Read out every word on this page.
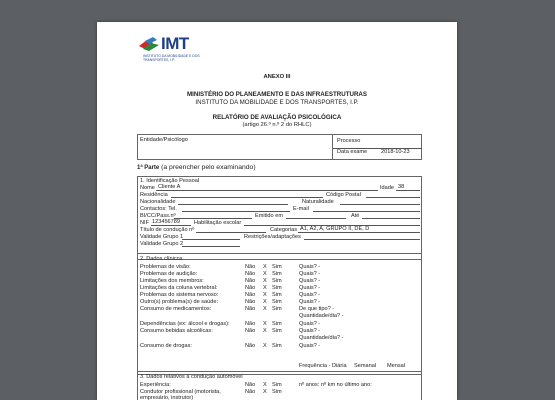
IMT
INSTITUTO DA MOBILIDADE E DOS TRANSPORTES, I.P.
ANEXO III
MINISTÉRIO DO PLANEAMENTO E DAS INFRAESTRUTURAS
INSTITUTO DA MOBILIDADE E DOS TRANSPORTES, I.P.
RELATÓRIO DE AVALIAÇÃO PSICOLÓGICA
(artigo 26.º n.º 2 do RHLC)
Entidade/Psicólogo	Processo
Data exame 2018-10-23
1ª Parte (a preencher pelo examinando)
1. Identificação Pessoal
Nome Cliente A	Idade 38
Residência	Código Postal
Nacionalidade	Naturalidade
Contactos: Tel.	E-mail
BI/CC/Pass.nº	Emitido em	Até
NIF 123456789	Habilitação escolar
Título de condução nº	Categorias A1, A2, A, GRUPO II, DE, D
Validade Grupo 1	Restrições/adaptações
Validade Grupo 2
2. Dados clínicos
Problemas de visão:	Não X Sim	Quais? -
Problemas de audição:	Não X Sim	Quais? -
Limitações dos membros:	Não X Sim	Quais? -
Limitações da coluna vertebral:	Não X Sim	Quais? -
Problemas do sistema nervoso:	Não X Sim	Quais? -
Outro(s) problema(s) de saúde:	Não X Sim	Quais? -
Consumo de medicamentos:	Não X Sim	De que tipo? -
Quantidade/dia? -
Dependências (ex: álcool e drogas):	Não X Sim	Quais? -
Consumo bebidas alcoólicas:	Não X Sim	Quais? -
Quantidade/dia? -
Consumo de drogas:	Não X Sim	Quais? -
Frequência - Diária Semanal Mensal
3. Dados relativos à condução automóvel
Experiência:	Não X Sim	nº anos: nº km no último ano:
Condutor profissional (motorista,
empresário, instrutor)
Não X Sim
